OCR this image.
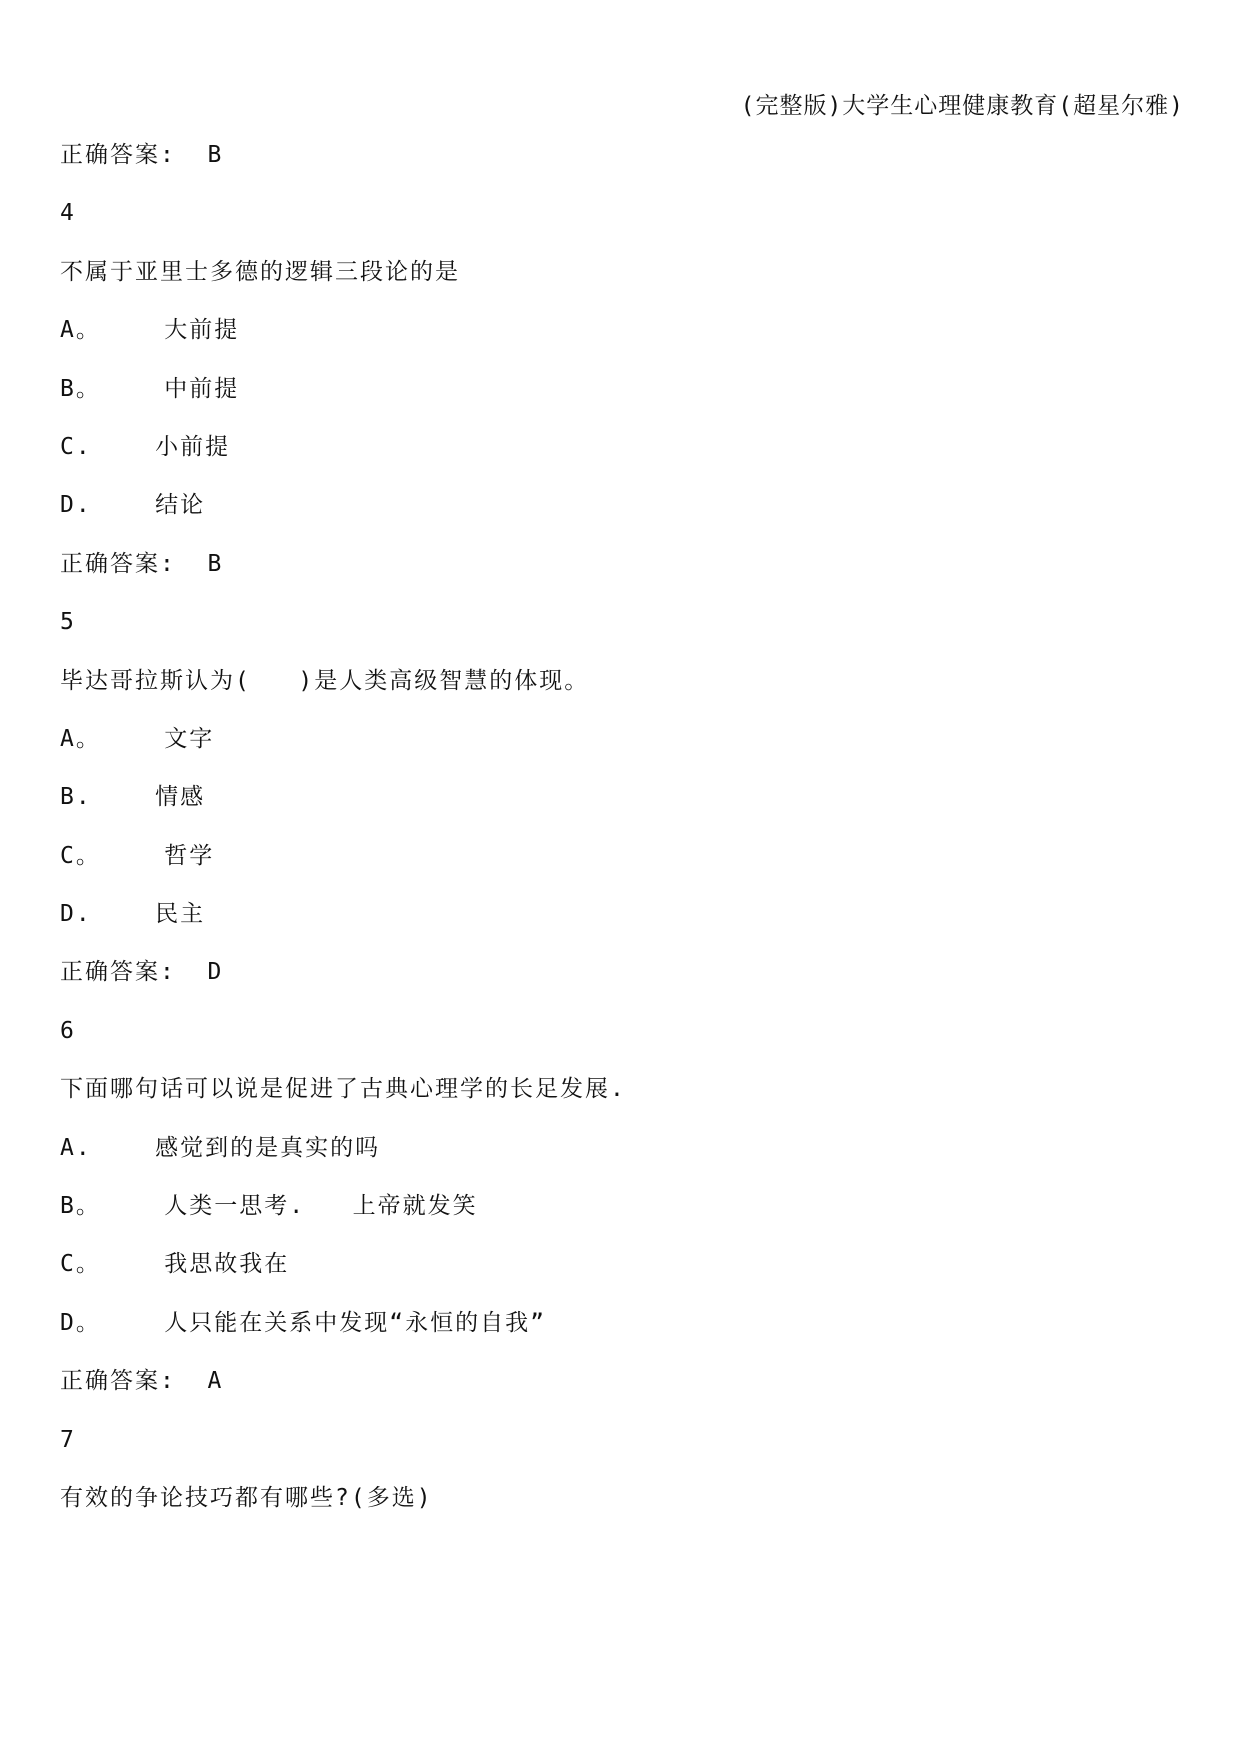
(完整版)大学生心理健康教育(超星尔雅)
正确答案:  B
4
不属于亚里士多德的逻辑三段论的是
A。    大前提
B。    中前提
C.    小前提
D.    结论
正确答案:  B
5
毕达哥拉斯认为(   )是人类高级智慧的体现。
A。    文字
B.    情感
C。    哲学
D.    民主
正确答案:  D
6
下面哪句话可以说是促进了古典心理学的长足发展.
A.    感觉到的是真实的吗
B。    人类一思考.   上帝就发笑
C。    我思故我在
D。    人只能在关系中发现“永恒的自我”
正确答案:  A
7
有效的争论技巧都有哪些?(多选)
